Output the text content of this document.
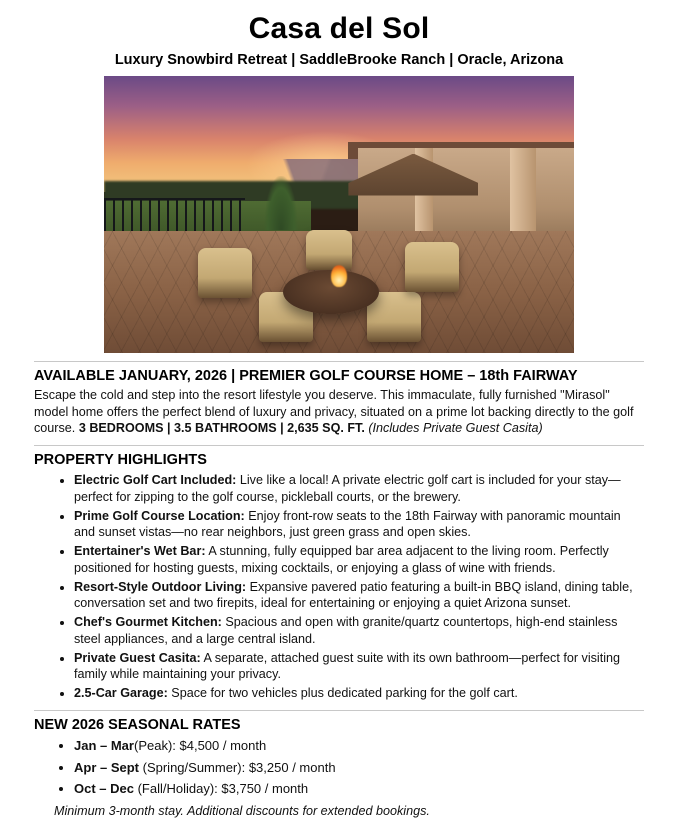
Casa del Sol
Luxury Snowbird Retreat | SaddleBrooke Ranch | Oracle, Arizona
AVAILABLE JANUARY, 2026 | PREMIER GOLF COURSE HOME – 18th FAIRWAY

Escape the cold and step into the resort lifestyle you deserve. This immaculate, fully furnished "Mirasol" model home offers the perfect blend of luxury and privacy, situated on a prime lot backing directly to the golf course. 3 BEDROOMS | 3.5 BATHROOMS | 2,635 SQ. FT. (Includes Private Guest Casita)

PROPERTY HIGHLIGHTS
• Electric Golf Cart Included: Live like a local! A private electric golf cart is included for your stay—perfect for zipping to the golf course, pickleball courts, or the brewery.
• Prime Golf Course Location: Enjoy front-row seats to the 18th Fairway with panoramic mountain and sunset vistas—no rear neighbors, just green grass and open skies.
• Entertainer's Wet Bar: A stunning, fully equipped bar area adjacent to the living room. Perfectly positioned for hosting guests, mixing cocktails, or enjoying a glass of wine with friends.
• Resort-Style Outdoor Living: Expansive pavered patio featuring a built-in BBQ island, dining table, conversation set and two firepits, ideal for entertaining or enjoying a quiet Arizona sunset.
• Chef's Gourmet Kitchen: Spacious and open with granite/quartz countertops, high-end stainless steel appliances, and a large central island.
• Private Guest Casita: A separate, attached guest suite with its own bathroom—perfect for visiting family while maintaining your privacy.
• 2.5-Car Garage: Space for two vehicles plus dedicated parking for the golf cart.
NEW 2026 SEASONAL RATES
• Jan – Mar(Peak): $4,500 / month
• Apr – Sept (Spring/Summer): $3,250 / month
• Oct – Dec (Fall/Holiday): $3,750 / month
Minimum 3-month stay. Additional discounts for extended bookings.
